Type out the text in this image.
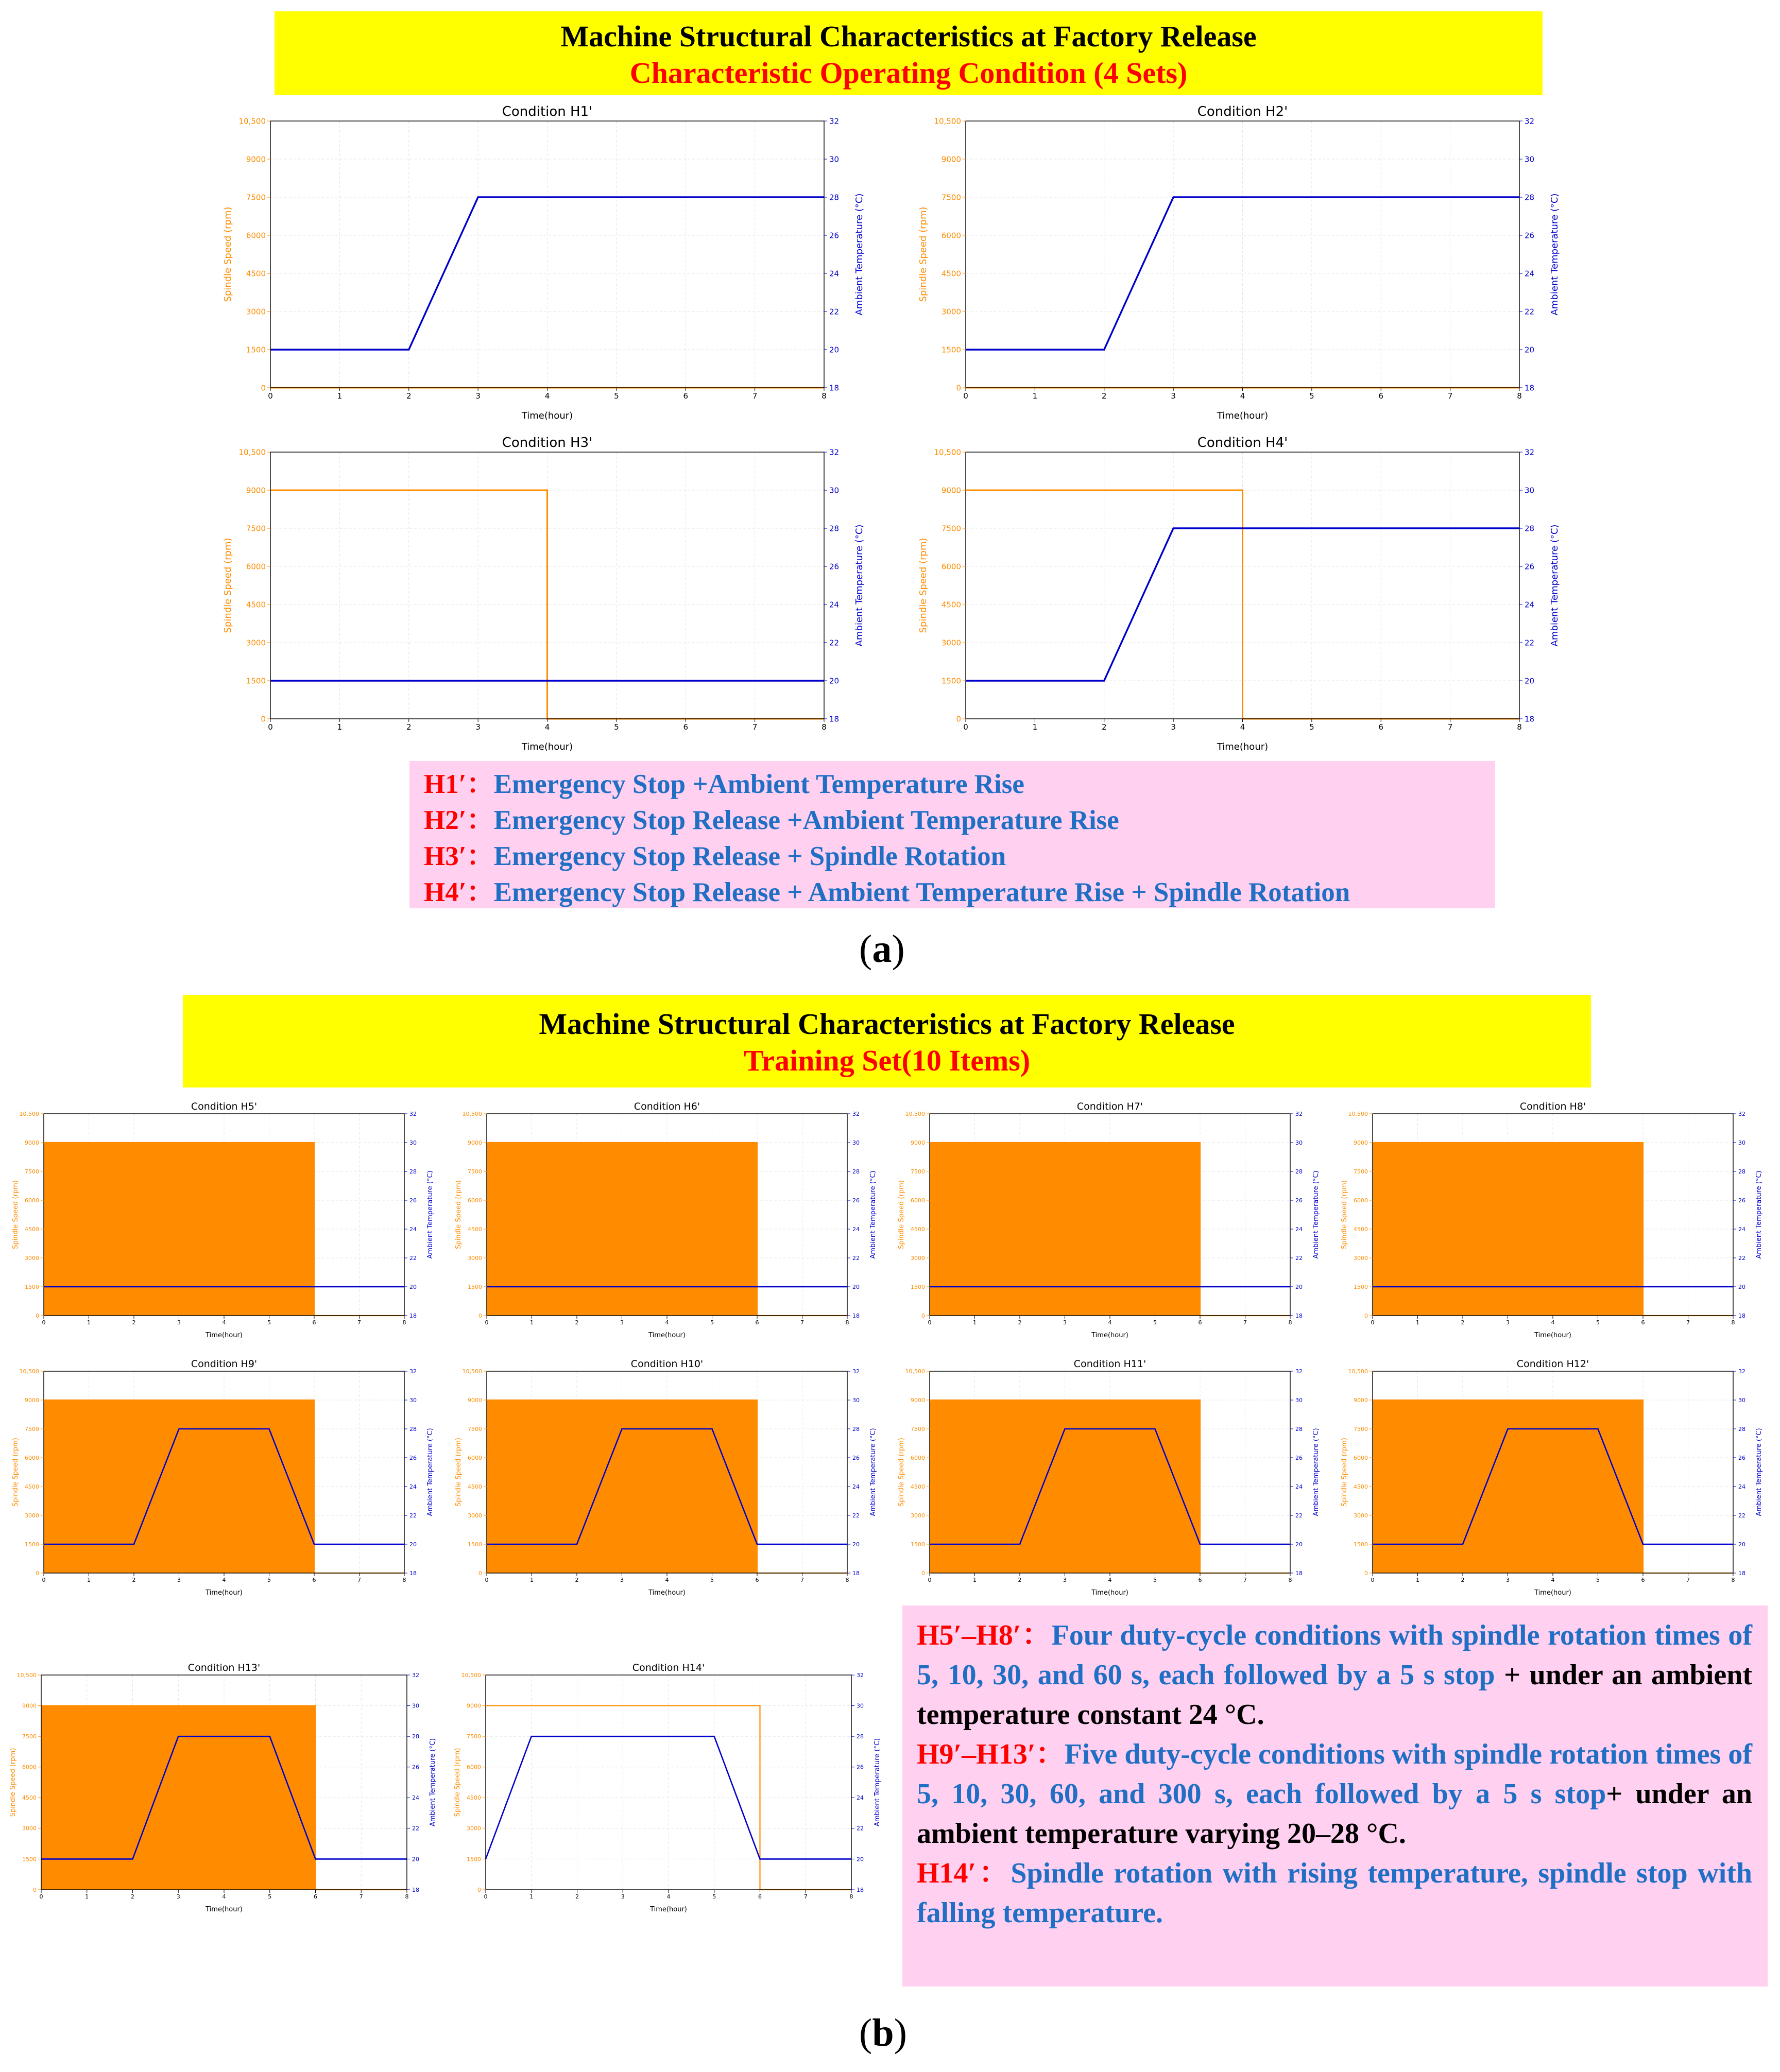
Machine Structural Characteristics at Factory Release
Characteristic Operating Condition (4 Sets)
0	1	2	3	4	5	6	7	8
0
1500
3000
4500
6000
7500
9000
10,500
18
20
22
24
26
28
30
32
Condition H1'
Time(hour)
Spindle Speed (rpm)	Ambient Temperature (°C)
0	1	2	3	4	5	6	7	8
0
1500
3000
4500
6000
7500
9000
10,500
18
20
22
24
26
28
30
32
Condition H2'
Time(hour)
Spindle Speed (rpm)	Ambient Temperature (°C)
0	1	2	3	4	5	6	7	8
0
1500
3000
4500
6000
7500
9000
10,500
18
20
22
24
26
28
30
32
Condition H3'
Time(hour)
Spindle Speed (rpm)	Ambient Temperature (°C)
0	1	2	3	4	5	6	7	8
0
1500
3000
4500
6000
7500
9000
10,500
18
20
22
24
26
28
30
32
Condition H4'
Time(hour)
Spindle Speed (rpm)	Ambient Temperature (°C)
H1′：Emergency Stop +Ambient Temperature Rise
H2′：Emergency Stop Release +Ambient Temperature Rise
H3′：Emergency Stop Release + Spindle Rotation
H4′：Emergency Stop Release + Ambient Temperature Rise + Spindle Rotation
(a)
Machine Structural Characteristics at Factory Release
Training Set(10 Items)
0	1	2	3	4	5	6	7	8
0
1500
3000
4500
6000
7500
9000
10,500
18
20
22
24
26
28
30
32
Condition H5'
Time(hour)
Spindle Speed (rpm)	Ambient Temperature (°C)
0	1	2	3	4	5	6	7	8
0
1500
3000
4500
6000
7500
9000
10,500
18
20
22
24
26
28
30
32
Condition H6'
Time(hour)
Spindle Speed (rpm)	Ambient Temperature (°C)
0	1	2	3	4	5	6	7	8
0
1500
3000
4500
6000
7500
9000
10,500
18
20
22
24
26
28
30
32
Condition H7'
Time(hour)
Spindle Speed (rpm)	Ambient Temperature (°C)
0	1	2	3	4	5	6	7	8
0
1500
3000
4500
6000
7500
9000
10,500
18
20
22
24
26
28
30
32
Condition H8'
Time(hour)
Spindle Speed (rpm)	Ambient Temperature (°C)
0	1	2	3	4	5	6	7	8
0
1500
3000
4500
6000
7500
9000
10,500
18
20
22
24
26
28
30
32
Condition H9'
Time(hour)
Spindle Speed (rpm)	Ambient Temperature (°C)
0	1	2	3	4	5	6	7	8
0
1500
3000
4500
6000
7500
9000
10,500
18
20
22
24
26
28
30
32
Condition H10'
Time(hour)
Spindle Speed (rpm)	Ambient Temperature (°C)
0	1	2	3	4	5	6	7	8
0
1500
3000
4500
6000
7500
9000
10,500
18
20
22
24
26
28
30
32
Condition H11'
Time(hour)
Spindle Speed (rpm)	Ambient Temperature (°C)
0	1	2	3	4	5	6	7	8
0
1500
3000
4500
6000
7500
9000
10,500
18
20
22
24
26
28
30
32
Condition H12'
Time(hour)
Spindle Speed (rpm)	Ambient Temperature (°C)
0	1	2	3	4	5	6	7	8
0
1500
3000
4500
6000
7500
9000
10,500
18
20
22
24
26
28
30
32
Condition H13'
Time(hour)
Spindle Speed (rpm)	Ambient Temperature (°C)
0	1	2	3	4	5	6	7	8
0
1500
3000
4500
6000
7500
9000
10,500
18
20
22
24
26
28
30
32
Condition H14'
Time(hour)
Spindle Speed (rpm)	Ambient Temperature (°C)
H5′–H8′：Four duty-cycle conditions with spindle rotation times of 5, 10, 30, and 60 s, each followed by a 5 s stop + under an ambient temperature constant 24 °C.
H9′–H13′：Five duty-cycle conditions with spindle rotation times of 5, 10, 30, 60, and 300 s, each followed by a 5 s stop+ under an ambient temperature varying 20–28 °C.
H14′：Spindle rotation with rising temperature, spindle stop with falling temperature.
(b)
